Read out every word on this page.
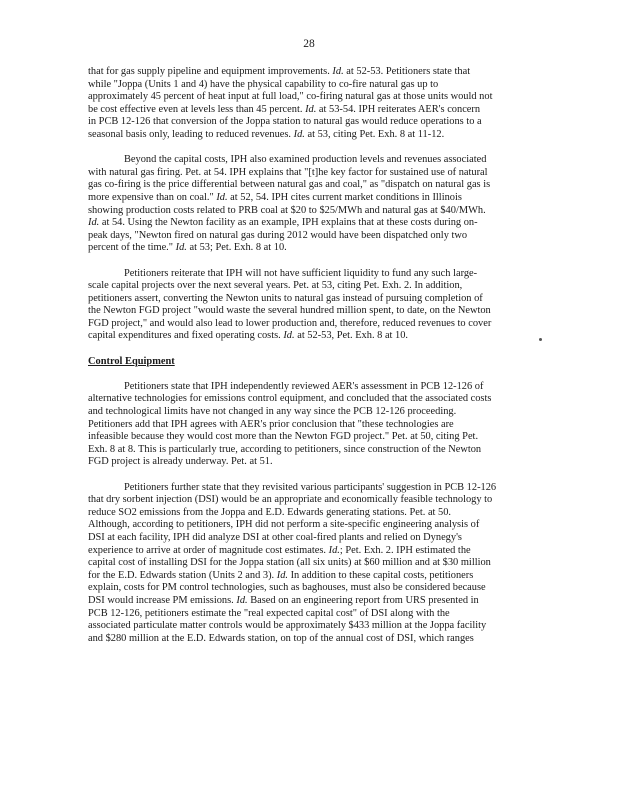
28
that for gas supply pipeline and equipment improvements. Id. at 52-53. Petitioners state that
while "Joppa (Units 1 and 4) have the physical capability to co-fire natural gas up to
approximately 45 percent of heat input at full load," co-firing natural gas at those units would not
be cost effective even at levels less than 45 percent. Id. at 53-54. IPH reiterates AER's concern
in PCB 12-126 that conversion of the Joppa station to natural gas would reduce operations to a
seasonal basis only, leading to reduced revenues. Id. at 53, citing Pet. Exh. 8 at 11-12.
Beyond the capital costs, IPH also examined production levels and revenues associated
with natural gas firing. Pet. at 54. IPH explains that "[t]he key factor for sustained use of natural
gas co-firing is the price differential between natural gas and coal," as "dispatch on natural gas is
more expensive than on coal." Id. at 52, 54. IPH cites current market conditions in Illinois
showing production costs related to PRB coal at $20 to $25/MWh and natural gas at $40/MWh.
Id. at 54. Using the Newton facility as an example, IPH explains that at these costs during on-
peak days, "Newton fired on natural gas during 2012 would have been dispatched only two
percent of the time." Id. at 53; Pet. Exh. 8 at 10.
Petitioners reiterate that IPH will not have sufficient liquidity to fund any such large-
scale capital projects over the next several years. Pet. at 53, citing Pet. Exh. 2. In addition,
petitioners assert, converting the Newton units to natural gas instead of pursuing completion of
the Newton FGD project "would waste the several hundred million spent, to date, on the Newton
FGD project," and would also lead to lower production and, therefore, reduced revenues to cover
capital expenditures and fixed operating costs. Id. at 52-53, Pet. Exh. 8 at 10.
Control Equipment
Petitioners state that IPH independently reviewed AER's assessment in PCB 12-126 of
alternative technologies for emissions control equipment, and concluded that the associated costs
and technological limits have not changed in any way since the PCB 12-126 proceeding.
Petitioners add that IPH agrees with AER's prior conclusion that "these technologies are
infeasible because they would cost more than the Newton FGD project." Pet. at 50, citing Pet.
Exh. 8 at 8. This is particularly true, according to petitioners, since construction of the Newton
FGD project is already underway. Pet. at 51.
Petitioners further state that they revisited various participants' suggestion in PCB 12-126
that dry sorbent injection (DSI) would be an appropriate and economically feasible technology to
reduce SO2 emissions from the Joppa and E.D. Edwards generating stations. Pet. at 50.
Although, according to petitioners, IPH did not perform a site-specific engineering analysis of
DSI at each facility, IPH did analyze DSI at other coal-fired plants and relied on Dynegy's
experience to arrive at order of magnitude cost estimates. Id.; Pet. Exh. 2. IPH estimated the
capital cost of installing DSI for the Joppa station (all six units) at $60 million and at $30 million
for the E.D. Edwards station (Units 2 and 3). Id. In addition to these capital costs, petitioners
explain, costs for PM control technologies, such as baghouses, must also be considered because
DSI would increase PM emissions. Id. Based on an engineering report from URS presented in
PCB 12-126, petitioners estimate the "real expected capital cost" of DSI along with the
associated particulate matter controls would be approximately $433 million at the Joppa facility
and $280 million at the E.D. Edwards station, on top of the annual cost of DSI, which ranges
